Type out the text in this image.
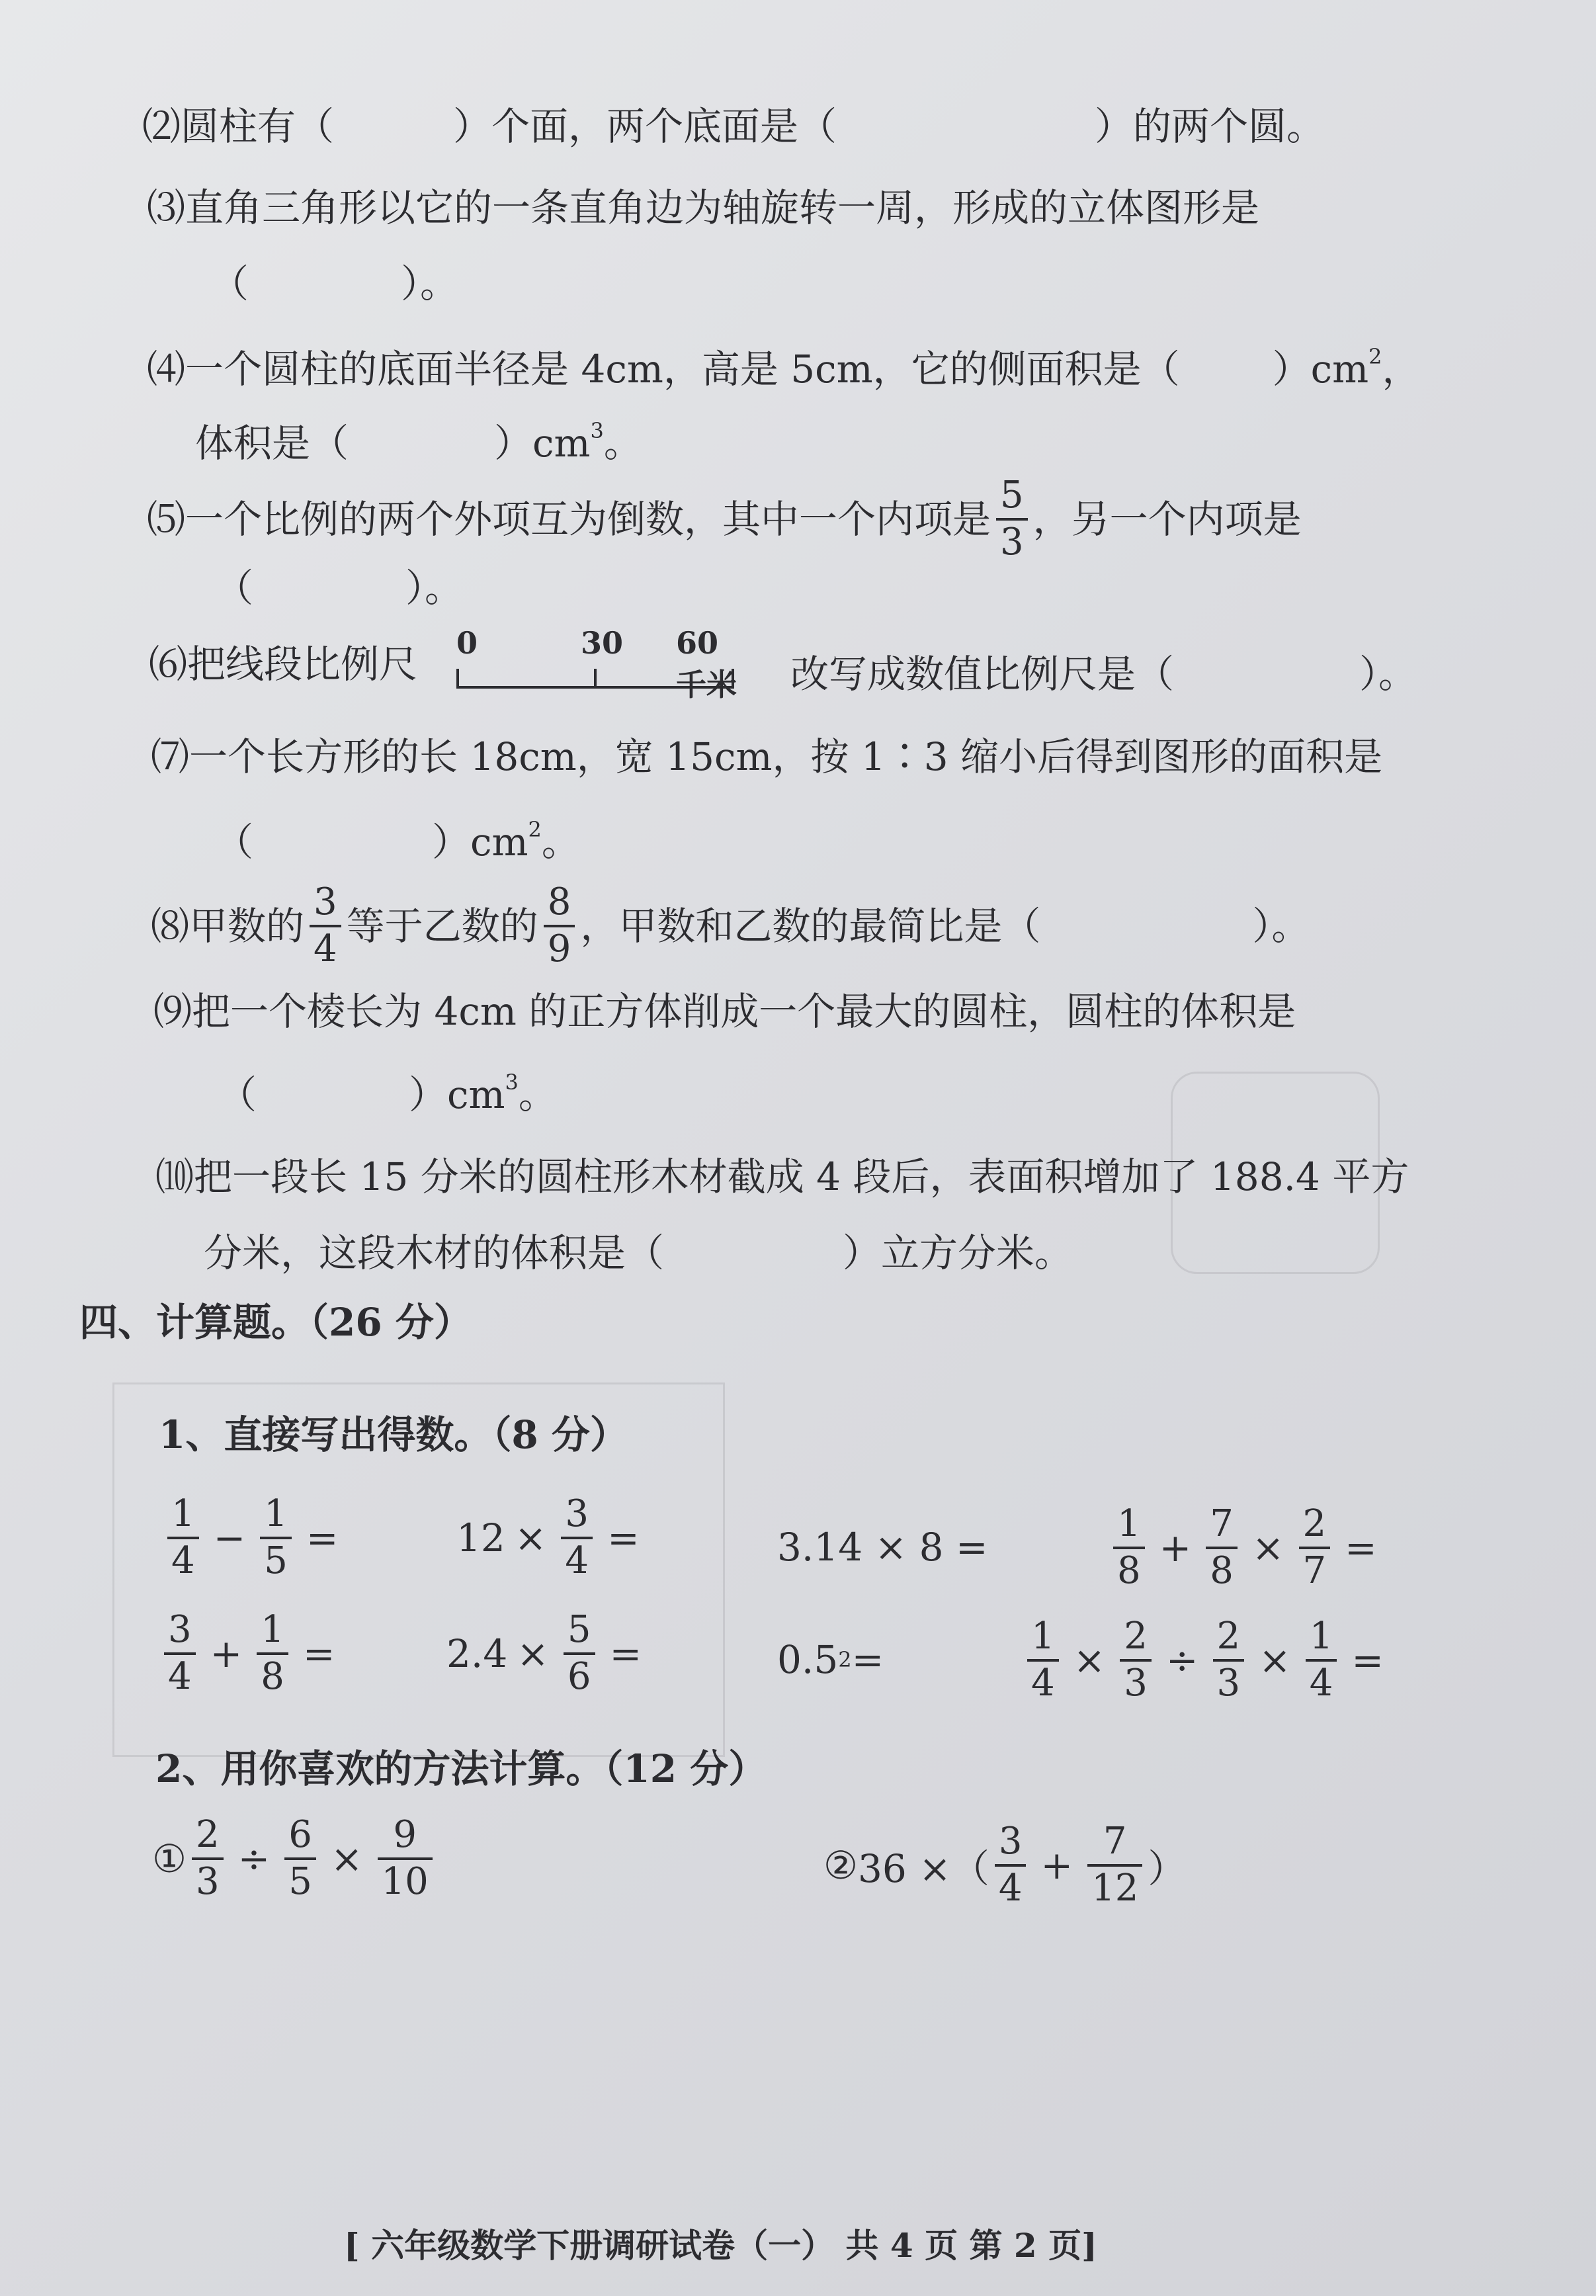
⑵圆柱有（	）个面，两个底面是（	）的两个圆。
⑶直角三角形以它的一条直角边为轴旋转一周，形成的立体图形是
（	）。
⑷一个圆柱的底面半径是 4cm，高是 5cm，它的侧面积是（ ）$cm^2$，
体积是（	）$cm^3$。
⑸ 一个比例的两个外项互为倒数，其中一个内项是 $\frac{5}{3}$ ，另一个内项是
（	）。
⑹把线段比例尺 0	30 60 千米 改写成数值比例尺是（	）。
⑺一个长方形的长 18cm，宽 15cm，按 1∶3 缩小后得到图形的面积是
（	）$cm^2$。
⑻ 甲数的 $\frac{3}{4}$ 等于乙数的 $\frac{8}{9}$ ，甲数和乙数的最简比是（	）。
⑼把一个棱长为 4cm 的正方体削成一个最大的圆柱，圆柱的体积是
（	）$cm^3$。
⑽把一段长 15 分米的圆柱形木材截成 4 段后，表面积增加了 188.4 平方
分米，这段木材的体积是（	）立方分米。
四、计算题。（26 分）
1、直接写出得数。（8 分）
$\frac{1}{4} - \frac{1}{5}$ =	$12 \times \frac{3}{4}$ =	3.14 × 8 =	$\frac{1}{8} + \frac{7}{8} \times \frac{2}{7}$ =
$\frac{3}{4} + \frac{1}{8}$ =	$2.4 \times \frac{5}{6}$ =	0.5 2 =	$\frac{1}{4} \times \frac{2}{3} \div \frac{2}{3} \times \frac{1}{4}$ =
2、用你喜欢的方法计算。（12 分）
① $\frac{2}{3} \div \frac{6}{5} \times \frac{9}{10}$	② 36 ×（ $\frac{3}{4} + \frac{7}{12}$ ）
[ 六年级数学下册调研试卷（一） 共 4 页 第 2 页]
